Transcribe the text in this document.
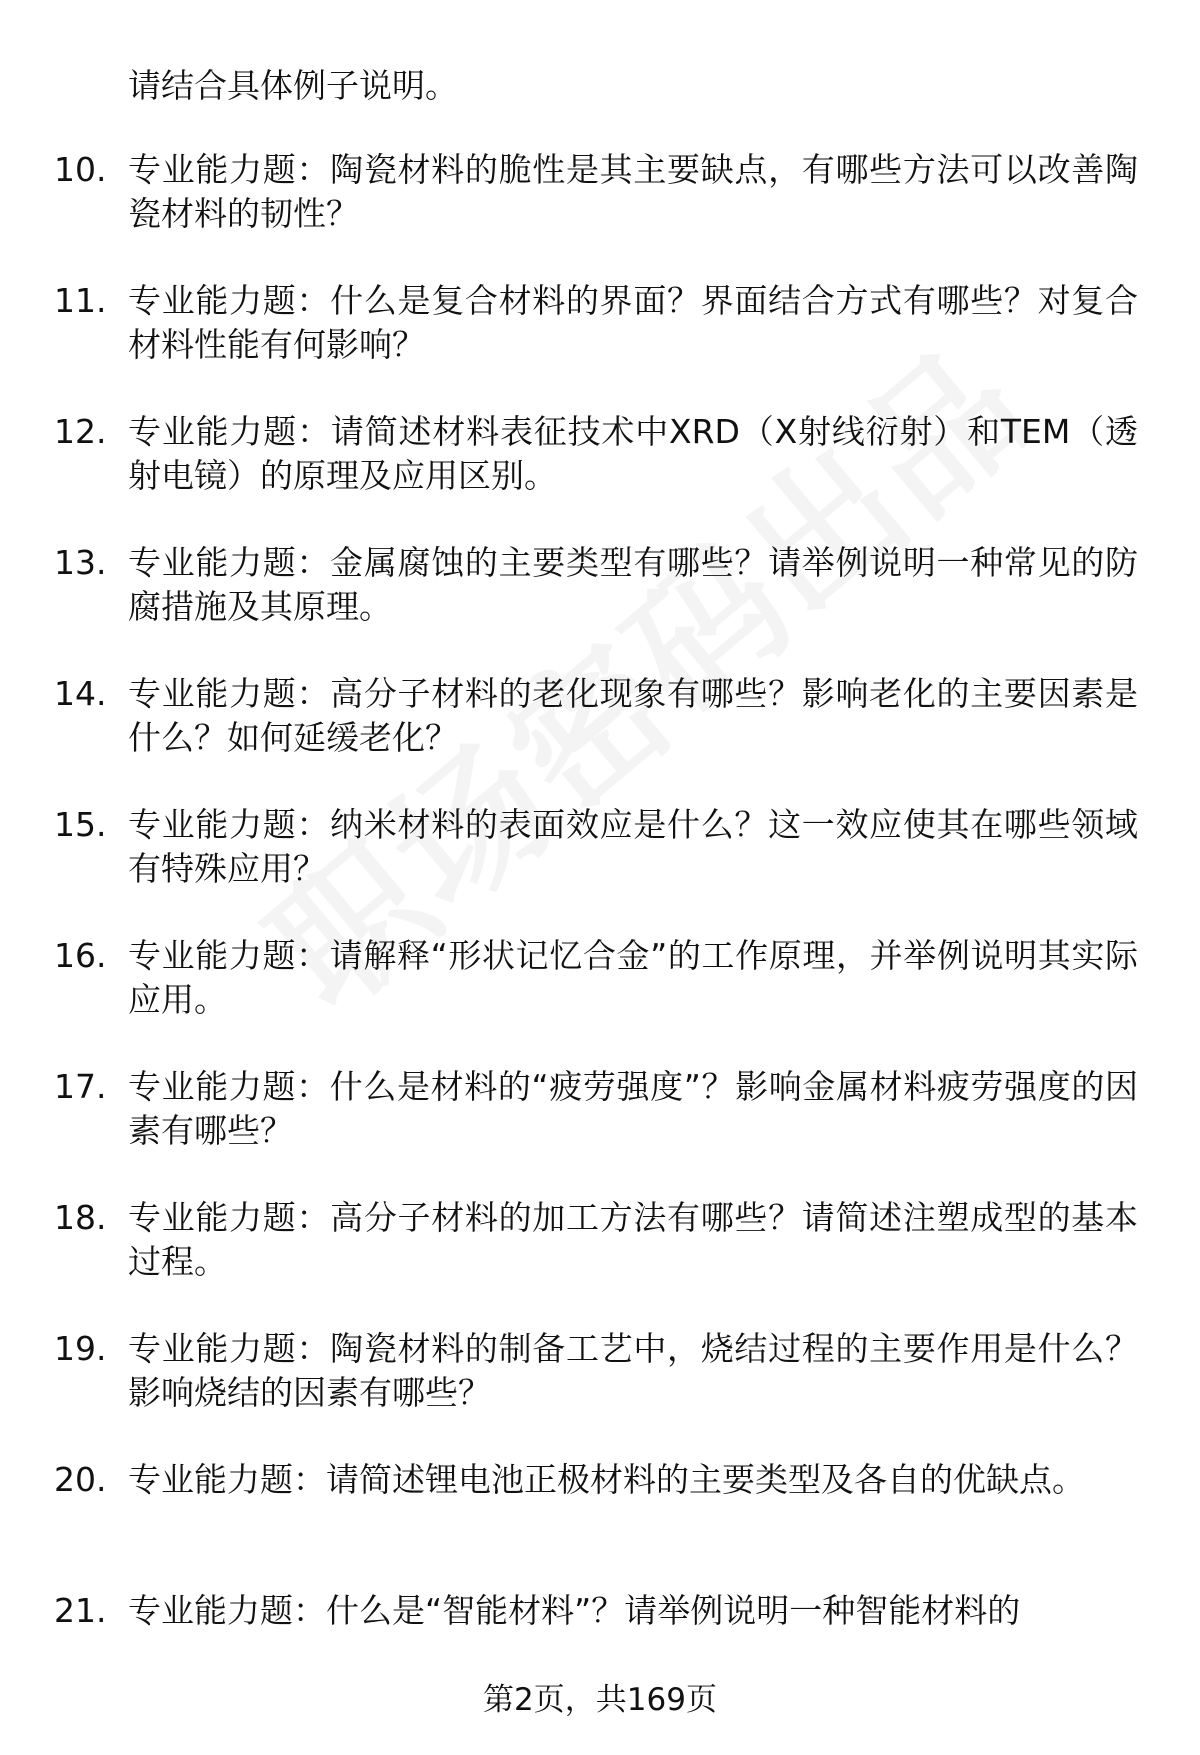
请结合具体例子说明。
10. 专业能力题：陶瓷材料的脆性是其主要缺点，有哪些方法可以改善陶瓷材料的韧性？
11. 专业能力题：什么是复合材料的界面？界面结合方式有哪些？对复合材料性能有何影响？
12. 专业能力题：请简述材料表征技术中XRD（X射线衍射）和TEM（透射电镜）的原理及应用区别。
13. 专业能力题：金属腐蚀的主要类型有哪些？请举例说明一种常见的防腐措施及其原理。
14. 专业能力题：高分子材料的老化现象有哪些？影响老化的主要因素是什么？如何延缓老化？
15. 专业能力题：纳米材料的表面效应是什么？这一效应使其在哪些领域有特殊应用？
16. 专业能力题：请解释“形状记忆合金”的工作原理，并举例说明其实际应用。
17. 专业能力题：什么是材料的“疲劳强度”？影响金属材料疲劳强度的因素有哪些？
18. 专业能力题：高分子材料的加工方法有哪些？请简述注塑成型的基本过程。
19. 专业能力题：陶瓷材料的制备工艺中，烧结过程的主要作用是什么？影响烧结的因素有哪些？
20. 专业能力题：请简述锂电池正极材料的主要类型及各自的优缺点。
21. 专业能力题：什么是“智能材料”？请举例说明一种智能材料的
第2页，共169页
